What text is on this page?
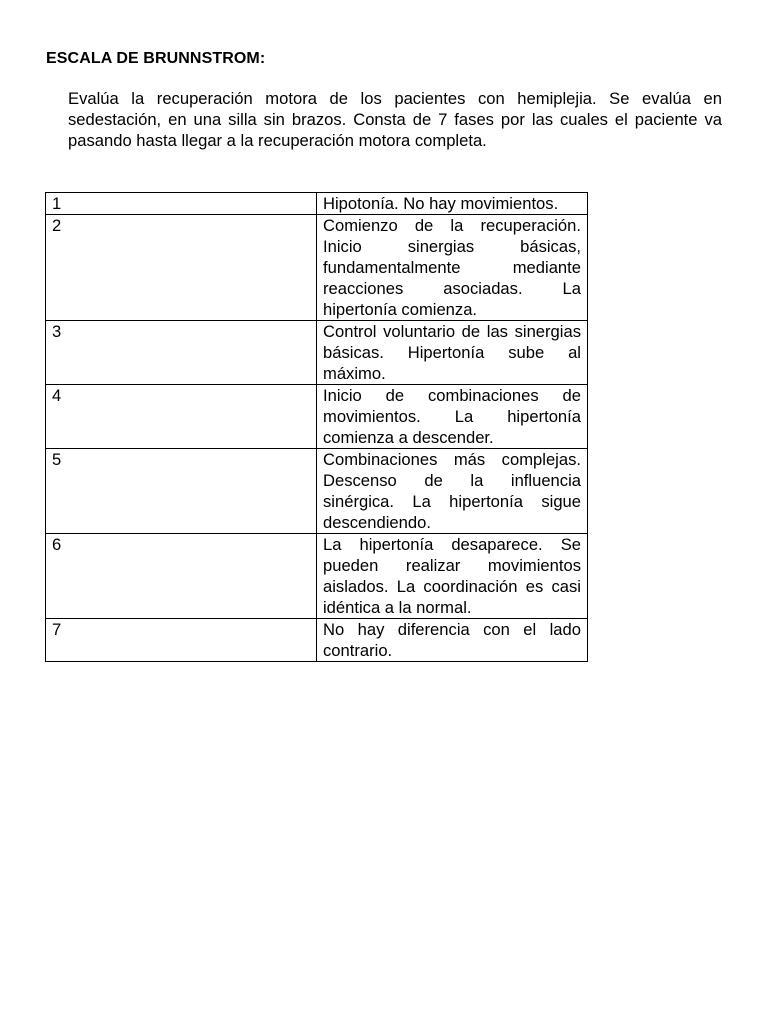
ESCALA DE BRUNNSTROM:

Evalúa la recuperación motora de los pacientes con hemiplejia. Se evalúa en sedestación, en una silla sin brazos. Consta de 7 fases por las cuales el paciente va pasando hasta llegar a la recuperación motora completa.

1	Hipotonía. No hay movimientos.
2	Comienzo de la recuperación. Inicio sinergias básicas, fundamentalmente mediante reacciones asociadas. La hipertonía comienza.
3	Control voluntario de las sinergias básicas. Hipertonía sube al máximo.
4	Inicio de combinaciones de movimientos. La hipertonía comienza a descender.
5	Combinaciones más complejas. Descenso de la influencia sinérgica. La hipertonía sigue descendiendo.
6	La hipertonía desaparece. Se pueden realizar movimientos aislados. La coordinación es casi idéntica a la normal.
7	No hay diferencia con el lado contrario.
